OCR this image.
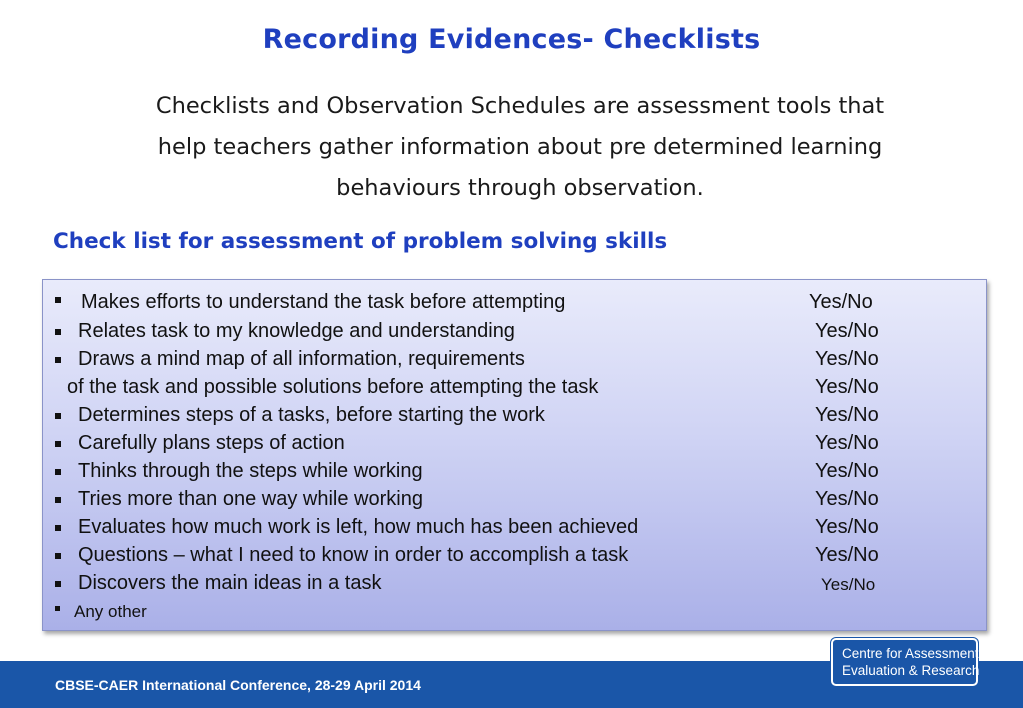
Recording Evidences- Checklists
Checklists and Observation Schedules are assessment tools that
help teachers gather information about pre determined learning
behaviours through observation.
Check list for assessment of problem solving skills
Makes efforts to understand the task before attempting	Yes/No
Relates task to my knowledge and understanding	Yes/No
Draws a mind map of all information, requirements	Yes/No
of the task and possible solutions before attempting the task	Yes/No
Determines steps of a tasks, before starting the work	Yes/No
Carefully plans steps of action	Yes/No
Thinks through the steps while working	Yes/No
Tries more than one way while working	Yes/No
Evaluates how much work is left, how much has been achieved	Yes/No
Questions – what I need to know in order to accomplish a task	Yes/No
Discovers the main ideas in a task	Yes/No
Any other
CBSE-CAER International Conference, 28-29 April 2014
Centre for Assessment
Evaluation & Research
